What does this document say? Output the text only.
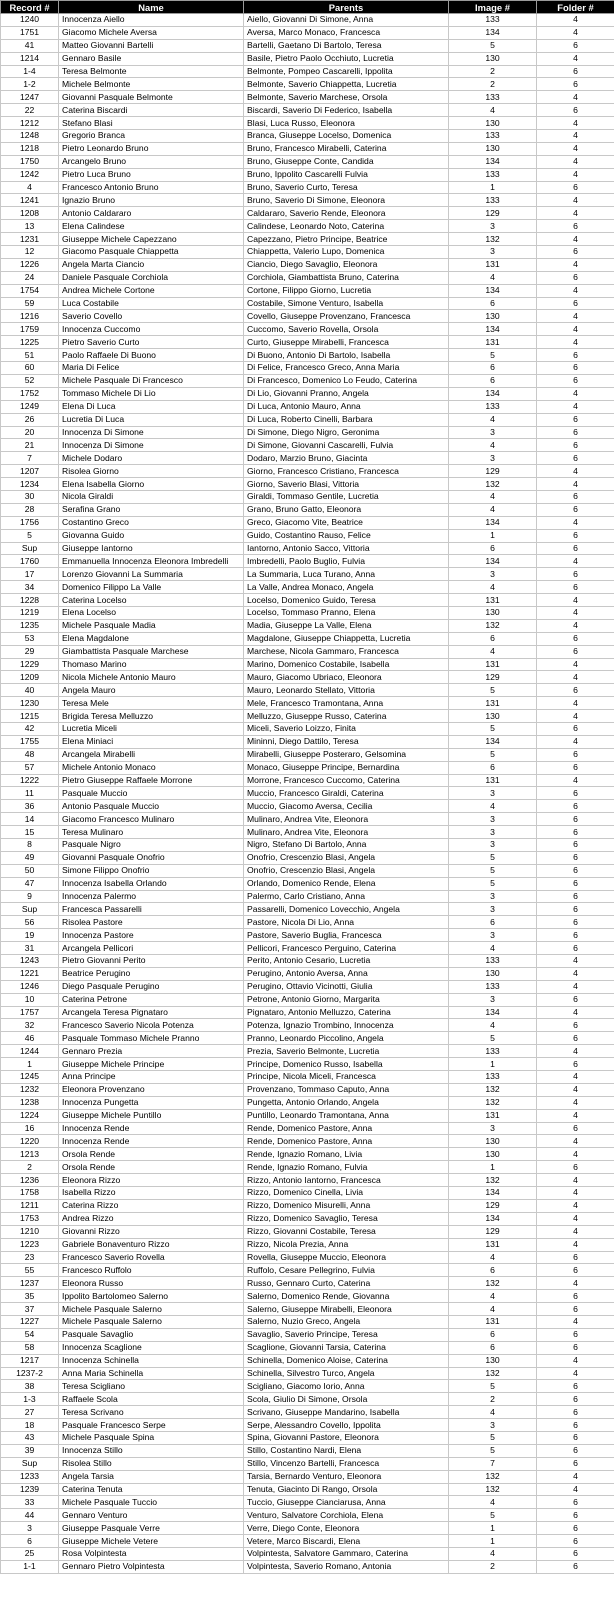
Record #	Name	Parents	Image #	Folder #
1240	Innocenza Aiello	Aiello, Giovanni Di Simone, Anna	133	4
1751	Giacomo Michele Aversa	Aversa, Marco Monaco, Francesca	134	4
41	Matteo Giovanni Bartelli	Bartelli, Gaetano Di Bartolo, Teresa	5	6
1214	Gennaro Basile	Basile, Pietro Paolo Occhiuto, Lucretia	130	4
1-4	Teresa Belmonte	Belmonte, Pompeo Cascarelli, Ippolita	2	6
1-2	Michele Belmonte	Belmonte, Saverio Chiappetta, Lucretia	2	6
1247	Giovanni Pasquale Belmonte	Belmonte, Saverio Marchese, Orsola	133	4
22	Caterina Biscardi	Biscardi, Saverio Di Federico, Isabella	4	6
1212	Stefano Blasi	Blasi, Luca Russo, Eleonora	130	4
1248	Gregorio Branca	Branca, Giuseppe Locelso, Domenica	133	4
1218	Pietro Leonardo Bruno	Bruno, Francesco Mirabelli, Caterina	130	4
1750	Arcangelo Bruno	Bruno, Giuseppe Conte, Candida	134	4
1242	Pietro Luca Bruno	Bruno, Ippolito Cascarelli Fulvia	133	4
4	Francesco Antonio Bruno	Bruno, Saverio Curto, Teresa	1	6
1241	Ignazio Bruno	Bruno, Saverio Di Simone, Eleonora	133	4
1208	Antonio Caldararo	Caldararo, Saverio Rende, Eleonora	129	4
13	Elena Calindese	Calindese, Leonardo Noto, Caterina	3	6
1231	Giuseppe Michele Capezzano	Capezzano, Pietro Principe, Beatrice	132	4
12	Giacomo Pasquale Chiappetta	Chiappetta, Valerio Lupo, Domenica	3	6
1226	Angela Marta Ciancio	Ciancio, Diego Savaglio, Eleonora	131	4
24	Daniele Pasquale Corchiola	Corchiola, Giambattista Bruno, Caterina	4	6
1754	Andrea Michele Cortone	Cortone, Filippo Giorno, Lucretia	134	4
59	Luca Costabile	Costabile, Simone Venturo, Isabella	6	6
1216	Saverio Covello	Covello, Giuseppe Provenzano, Francesca	130	4
1759	Innocenza Cuccomo	Cuccomo, Saverio Rovella, Orsola	134	4
1225	Pietro Saverio Curto	Curto, Giuseppe Mirabelli, Francesca	131	4
51	Paolo Raffaele Di Buono	Di Buono, Antonio Di Bartolo, Isabella	5	6
60	Maria Di Felice	Di Felice, Francesco Greco, Anna Maria	6	6
52	Michele Pasquale Di Francesco	Di Francesco, Domenico Lo Feudo, Caterina	6	6
1752	Tommaso Michele Di Lio	Di Lio, Giovanni Pranno, Angela	134	4
1249	Elena Di Luca	Di Luca, Antonio Mauro, Anna	133	4
26	Lucretia Di Luca	Di Luca, Roberto Cinelli, Barbara	4	6
20	Innocenza Di Simone	Di Simone, Diego Nigro, Geronima	3	6
21	Innocenza Di Simone	Di Simone, Giovanni Cascarelli, Fulvia	4	6
7	Michele Dodaro	Dodaro, Marzio Bruno, Giacinta	3	6
1207	Risolea Giorno	Giorno, Francesco Cristiano, Francesca	129	4
1234	Elena Isabella Giorno	Giorno, Saverio Blasi, Vittoria	132	4
30	Nicola Giraldi	Giraldi, Tommaso Gentile, Lucretia	4	6
28	Serafina Grano	Grano, Bruno Gatto, Eleonora	4	6
1756	Costantino Greco	Greco, Giacomo Vite, Beatrice	134	4
5	Giovanna Guido	Guido, Costantino Rauso, Felice	1	6
Sup	Giuseppe Iantorno	Iantorno, Antonio Sacco, Vittoria	6	6
1760	Emmanuella Innocenza Eleonora Imbredelli	Imbredelli, Paolo Buglio, Fulvia	134	4
17	Lorenzo Giovanni La Summaria	La Summaria, Luca Turano, Anna	3	6
34	Domenico Filippo La Valle	La Valle, Andrea Monaco, Angela	4	6
1228	Caterina Locelso	Locelso, Domenico Guido, Teresa	131	4
1219	Elena Locelso	Locelso, Tommaso Pranno, Elena	130	4
1235	Michele Pasquale Madia	Madia, Giuseppe La Valle, Elena	132	4
53	Elena Magdalone	Magdalone, Giuseppe Chiappetta, Lucretia	6	6
29	Giambattista Pasquale Marchese	Marchese, Nicola Gammaro, Francesca	4	6
1229	Thomaso Marino	Marino, Domenico Costabile, Isabella	131	4
1209	Nicola Michele Antonio Mauro	Mauro, Giacomo Ubriaco, Eleonora	129	4
40	Angela Mauro	Mauro, Leonardo Stellato, Vittoria	5	6
1230	Teresa Mele	Mele, Francesco Tramontana, Anna	131	4
1215	Brigida Teresa Melluzzo	Melluzzo, Giuseppe Russo, Caterina	130	4
42	Lucretia Miceli	Miceli, Saverio Loizzo, Finita	5	6
1755	Elena Miniaci	Mininni, Diego Dattilo, Teresa	134	4
48	Arcangela Mirabelli	Mirabelli, Giuseppe Posteraro, Gelsomina	5	6
57	Michele Antonio Monaco	Monaco, Giuseppe Principe, Bernardina	6	6
1222	Pietro Giuseppe Raffaele Morrone	Morrone, Francesco Cuccomo, Caterina	131	4
11	Pasquale Muccio	Muccio, Francesco Giraldi, Caterina	3	6
36	Antonio Pasquale Muccio	Muccio, Giacomo Aversa, Cecilia	4	6
14	Giacomo Francesco Mulinaro	Mulinaro, Andrea Vite, Eleonora	3	6
15	Teresa Mulinaro	Mulinaro, Andrea Vite, Eleonora	3	6
8	Pasquale Nigro	Nigro, Stefano Di Bartolo, Anna	3	6
49	Giovanni Pasquale Onofrio	Onofrio, Crescenzio Blasi, Angela	5	6
50	Simone Filippo Onofrio	Onofrio, Crescenzio Blasi, Angela	5	6
47	Innocenza Isabella Orlando	Orlando, Domenico Rende, Elena	5	6
9	Innocenza Palermo	Palermo, Carlo Cristiano, Anna	3	6
Sup	Francesca Passarelli	Passarelli, Domenico Lovecchio, Angela	3	6
56	Risolea Pastore	Pastore, Nicola Di Lio, Anna	6	6
19	Innocenza Pastore	Pastore, Saverio Buglia, Francesca	3	6
31	Arcangela Pellicori	Pellicori, Francesco Perguino, Caterina	4	6
1243	Pietro Giovanni Perito	Perito, Antonio Cesario, Lucretia	133	4
1221	Beatrice Perugino	Perugino, Antonio Aversa, Anna	130	4
1246	Diego Pasquale Perugino	Perugino, Ottavio Vicinotti, Giulia	133	4
10	Caterina Petrone	Petrone, Antonio Giorno, Margarita	3	6
1757	Arcangela Teresa Pignataro	Pignataro, Antonio Melluzzo, Caterina	134	4
32	Francesco Saverio Nicola Potenza	Potenza, Ignazio Trombino, Innocenza	4	6
46	Pasquale Tommaso Michele Pranno	Pranno, Leonardo Piccolino, Angela	5	6
1244	Gennaro Prezia	Prezia, Saverio Belmonte, Lucretia	133	4
1	Giuseppe Michele Principe	Principe, Domenico Russo, Isabella	1	6
1245	Anna Principe	Principe, Nicola Miceli, Francesca	133	4
1232	Eleonora Provenzano	Provenzano, Tommaso Caputo, Anna	132	4
1238	Innocenza Pungetta	Pungetta, Antonio Orlando, Angela	132	4
1224	Giuseppe Michele Puntillo	Puntillo, Leonardo Tramontana, Anna	131	4
16	Innocenza Rende	Rende, Domenico Pastore, Anna	3	6
1220	Innocenza Rende	Rende, Domenico Pastore, Anna	130	4
1213	Orsola Rende	Rende, Ignazio Romano, Livia	130	4
2	Orsola Rende	Rende, Ignazio Romano, Fulvia	1	6
1236	Eleonora Rizzo	Rizzo, Antonio Iantorno, Francesca	132	4
1758	Isabella Rizzo	Rizzo, Domenico Cinella, Livia	134	4
1211	Caterina Rizzo	Rizzo, Domenico Misurelli, Anna	129	4
1753	Andrea Rizzo	Rizzo, Domenico Savaglio, Teresa	134	4
1210	Giovanni Rizzo	Rizzo, Giovanni Costabile, Teresa	129	4
1223	Gabriele Bonaventuro Rizzo	Rizzo, Nicola Prezia, Anna	131	4
23	Francesco Saverio Rovella	Rovella, Giuseppe Muccio, Eleonora	4	6
55	Francesco Ruffolo	Ruffolo, Cesare Pellegrino, Fulvia	6	6
1237	Eleonora Russo	Russo, Gennaro Curto, Caterina	132	4
35	Ippolito Bartolomeo Salerno	Salerno, Domenico Rende, Giovanna	4	6
37	Michele Pasquale Salerno	Salerno, Giuseppe Mirabelli, Eleonora	4	6
1227	Michele Pasquale Salerno	Salerno, Nuzio Greco, Angela	131	4
54	Pasquale Savaglio	Savaglio, Saverio Principe, Teresa	6	6
58	Innocenza Scaglione	Scaglione, Giovanni Tarsia, Caterina	6	6
1217	Innocenza Schinella	Schinella, Domenico Aloise, Caterina	130	4
1237-2	Anna Maria Schinella	Schinella, Silvestro Turco, Angela	132	4
38	Teresa Scigliano	Scigliano, Giacomo Iorio, Anna	5	6
1-3	Raffaele Scola	Scola, Giulio Di Simone, Orsola	2	6
27	Teresa Scrivano	Scrivano, Giuseppe Mandarino, Isabella	4	6
18	Pasquale Francesco Serpe	Serpe, Alessandro Covello, Ippolita	3	6
43	Michele Pasquale Spina	Spina, Giovanni Pastore, Eleonora	5	6
39	Innocenza Stillo	Stillo, Costantino Nardi, Elena	5	6
Sup	Risolea Stillo	Stillo, Vincenzo Bartelli, Francesca	7	6
1233	Angela Tarsia	Tarsia, Bernardo Venturo, Eleonora	132	4
1239	Caterina Tenuta	Tenuta, Giacinto Di Rango, Orsola	132	4
33	Michele Pasquale Tuccio	Tuccio, Giuseppe Cianciarusa, Anna	4	6
44	Gennaro Venturo	Venturo, Salvatore Corchiola, Elena	5	6
3	Giuseppe Pasquale Verre	Verre, Diego Conte, Eleonora	1	6
6	Giuseppe Michele Vetere	Vetere, Marco Biscardi, Elena	1	6
25	Rosa Volpintesta	Volpintesta, Salvatore Gammaro, Caterina	4	6
1-1	Gennaro Pietro Volpintesta	Volpintesta, Saverio Romano, Antonia	2	6
